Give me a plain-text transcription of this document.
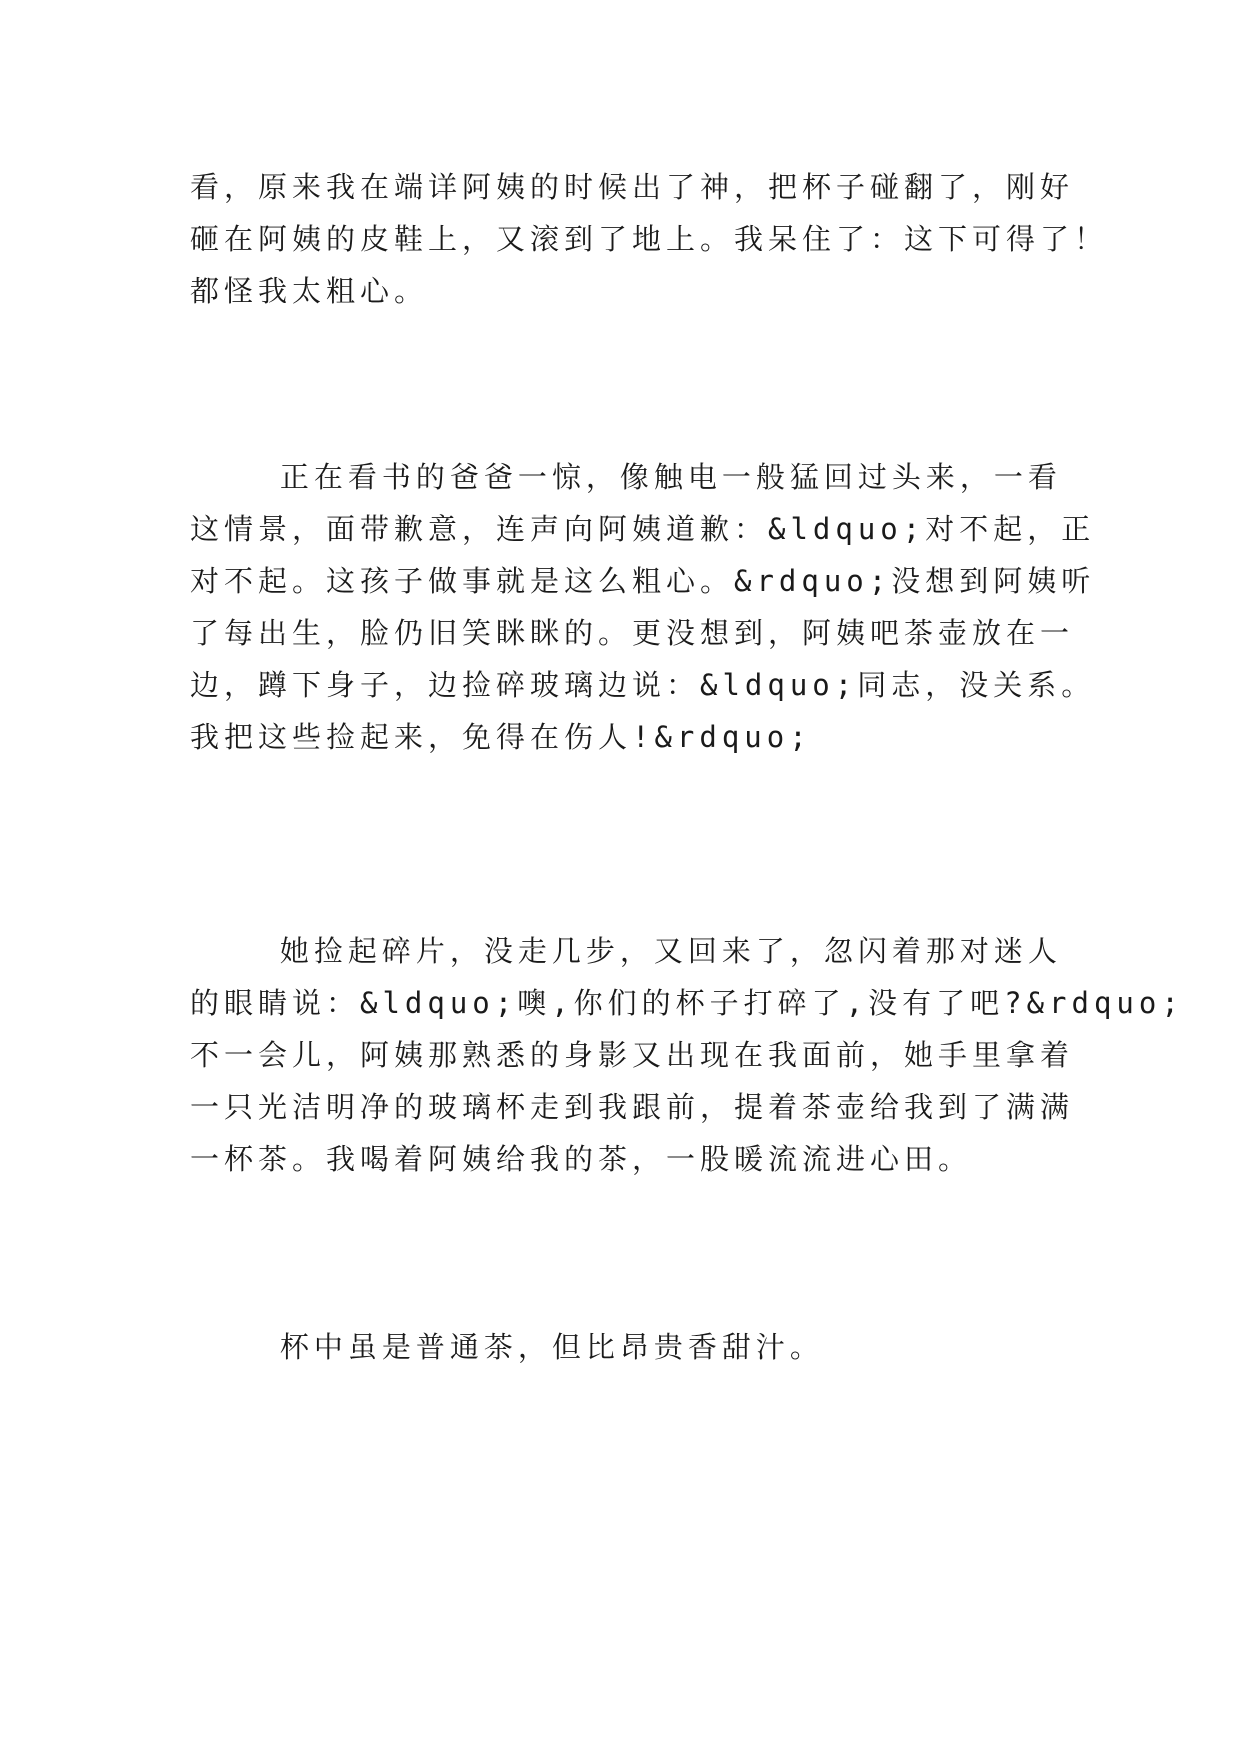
看，原来我在端详阿姨的时候出了神，把杯子碰翻了，刚好
砸在阿姨的皮鞋上，又滚到了地上。我呆住了：这下可得了！
都怪我太粗心。

正在看书的爸爸一惊，像触电一般猛回过头来，一看
这情景，面带歉意，连声向阿姨道歉：&ldquo;对不起，正
对不起。这孩子做事就是这么粗心。&rdquo;没想到阿姨听
了每出生，脸仍旧笑眯眯的。更没想到，阿姨吧茶壶放在一
边，蹲下身子，边捡碎玻璃边说：&ldquo;同志，没关系。
我把这些捡起来，免得在伤人!&rdquo;

她捡起碎片，没走几步，又回来了，忽闪着那对迷人
的眼睛说：&ldquo;噢,你们的杯子打碎了,没有了吧?&rdquo;
不一会儿，阿姨那熟悉的身影又出现在我面前，她手里拿着
一只光洁明净的玻璃杯走到我跟前，提着茶壶给我到了满满
一杯茶。我喝着阿姨给我的茶，一股暖流流进心田。

杯中虽是普通茶，但比昂贵香甜汁。
